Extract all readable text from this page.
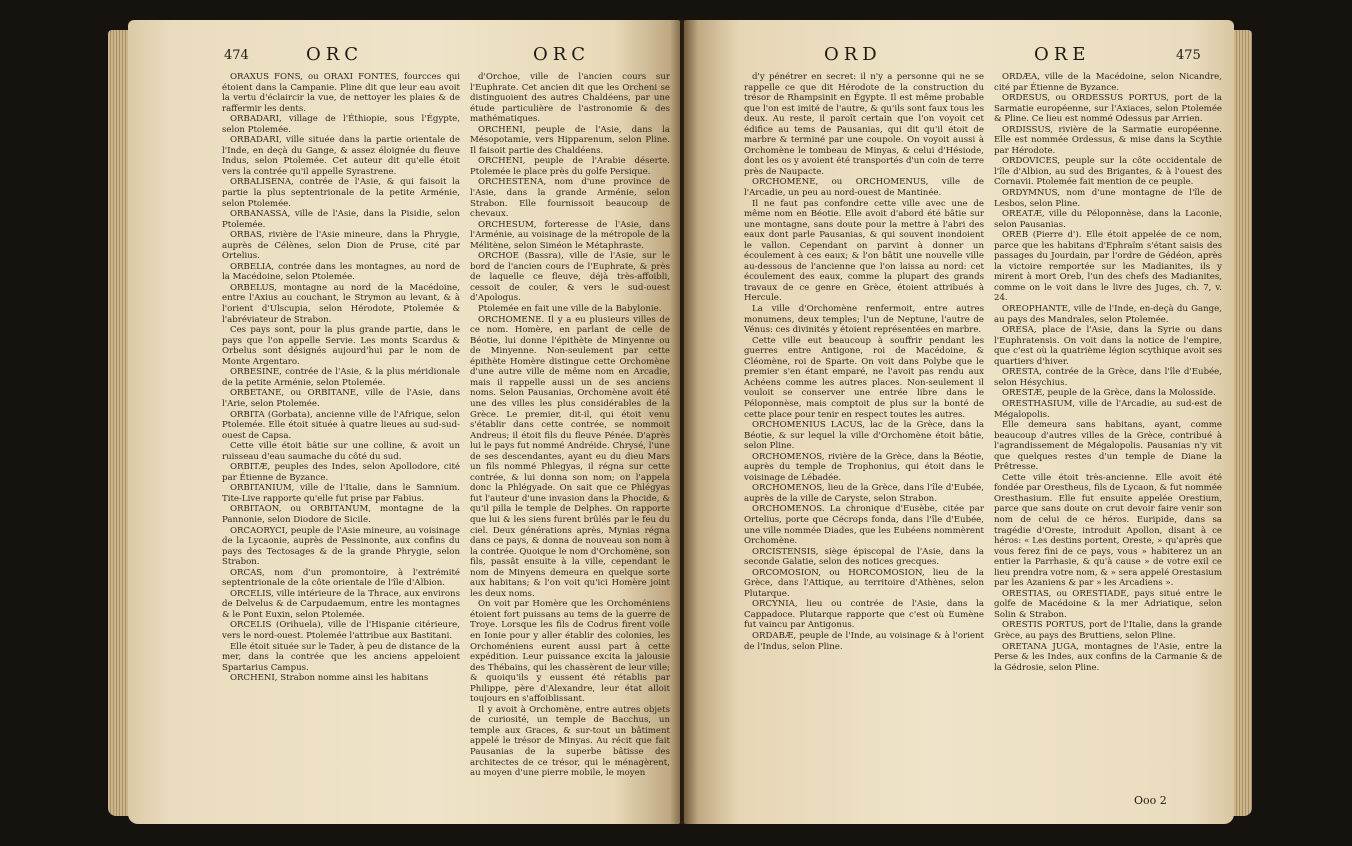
474	ORC	ORC

ORAXUS FONS, ou ORAXI FONTES, fourcces qui étoient dans la Campanie. Pline dit que leur eau avoit la vertu d'éclaircir la vue, de nettoyer les plaies & de raffermir les dents.

ORBADARI, village de l'Éthiopie, sous l'Égypte, selon Ptolemée.

ORBADARI, ville située dans la partie orientale de l'Inde, en deçà du Gange, & assez éloignée du fleuve Indus, selon Ptolemée. Cet auteur dit qu'elle étoit vers la contrée qu'il appelle Syrastrene.

ORBALISENA, contrée de l'Asie, & qui faisoit la partie la plus septentrionale de la petite Arménie, selon Ptolemée.

ORBANASSA, ville de l'Asie, dans la Pisidie, selon Ptolemée.

ORBAS, rivière de l'Asie mineure, dans la Phrygie, auprès de Célènes, selon Dion de Pruse, cité par Ortelius.

ORBELIA, contrée dans les montagnes, au nord de la Macédoine, selon Ptolemée.

ORBELUS, montagne au nord de la Macédoine, entre l'Axius au couchant, le Strymon au levant, & à l'orient d'Ulscupia, selon Hérodote, Ptolemée & l'abréviateur de Strabon.

Ces pays sont, pour la plus grande partie, dans le pays que l'on appelle Servie. Les monts Scardus & Orbelus sont désignés aujourd'hui par le nom de Monte Argentaro.

ORBESINE, contrée de l'Asie, & la plus méridionale de la petite Arménie, selon Ptolemée.

ORBETANE, ou ORBITANE, ville de l'Asie, dans l'Arie, selon Ptolemée.

ORBITA (Gorbata), ancienne ville de l'Afrique, selon Ptolemée. Elle étoit située à quatre lieues au sud-sud-ouest de Capsa.

Cette ville étoit bâtie sur une colline, & avoit un ruisseau d'eau saumache du côté du sud.

ORBITÆ, peuples des Indes, selon Apollodore, cité par Étienne de Byzance.

ORBITANIUM, ville de l'Italie, dans le Samnium. Tite-Live rapporte qu'elle fut prise par Fabius.

ORBITAON, ou ORBITANUM, montagne de la Pannonie, selon Diodore de Sicile.

ORCAORYCI, peuple de l'Asie mineure, au voisinage de la Lycaonie, auprès de Pessinonte, aux confins du pays des Tectosages & de la grande Phrygie, selon Strabon.

ORCAS, nom d'un promontoire, à l'extrémité septentrionale de la côte orientale de l'île d'Albion.

ORCELIS, ville intérieure de la Thrace, aux environs de Delvelus & de Carpudaemum, entre les montagnes & le Pont Euxin, selon Ptolemée.

ORCELIS (Orihuela), ville de l'Hispanie citérieure, vers le nord-ouest. Ptolemée l'attribue aux Bastitani.

Elle étoit située sur le Tader, à peu de distance de la mer, dans la contrée que les anciens appeloient Spartarius Campus.

ORCHENI, Strabon nomme ainsi les habitans

d'Orchoe, ville de l'ancien cours sur l'Euphrate. Cet ancien dit que les Orcheni se distinguoient des autres Chaldéens, par une étude particulière de l'astronomie & des mathématiques.

ORCHENI, peuple de l'Asie, dans la Mésopotamie, vers Hipparenum, selon Pline. Il faisoit partie des Chaldéens.

ORCHENI, peuple de l'Arabie déserte. Ptolemée le place près du golfe Persique.

ORCHESTENA, nom d'une province de l'Asie, dans la grande Arménie, selon Strabon. Elle fournissoit beaucoup de chevaux.

ORCHESUM, forteresse de l'Asie, dans l'Arménie, au voisinage de la métropole de la Mélitène, selon Siméon le Métaphraste.

ORCHOE (Bassra), ville de l'Asie, sur le bord de l'ancien cours de l'Euphrate, & près de laquelle ce fleuve, déjà très-affoibli, cessoit de couler, & vers le sud-ouest d'Apologus.

Ptolemée en fait une ville de la Babylonie.

ORCHOMENE. Il y a eu plusieurs villes de ce nom. Homère, en parlant de celle de Béotie, lui donne l'épithète de Minyenne ou de Minyenne. Non-seulement par cette épithète Homère distingue cette Orchomène d'une autre ville de même nom en Arcadie, mais il rappelle aussi un de ses anciens noms. Selon Pausanias, Orchomène avoit été une des villes les plus considérables de la Grèce. Le premier, dit-il, qui étoit venu s'établir dans cette contrée, se nommoit Andreus; il étoit fils du fleuve Pénée. D'après lui le pays fut nommé Andréide. Chrysé, l'une de ses descendantes, ayant eu du dieu Mars un fils nommé Phlegyas, il régna sur cette contrée, & lui donna son nom; on l'appela donc la Phlégyade. On sait que ce Phlégyas fut l'auteur d'une invasion dans la Phocide, & qu'il pilla le temple de Delphes. On rapporte que lui & les siens furent brûlés par le feu du ciel. Deux générations après, Mynias régna dans ce pays, & donna de nouveau son nom à la contrée. Quoique le nom d'Orchomène, son fils, passât ensuite à la ville, cependant le nom de Minyens demeura en quelque sorte aux habitans; & l'on voit qu'ici Homère joint les deux noms.

On voit par Homère que les Orchoméniens étoient fort puissans au tems de la guerre de Troye. Lorsque les fils de Codrus firent voile en Ionie pour y aller établir des colonies, les Orchoméniens eurent aussi part à cette expédition. Leur puissance excita la jalousie des Thébains, qui les chassèrent de leur ville; & quoiqu'ils y eussent été rétablis par Philippe, père d'Alexandre, leur état alloit toujours en s'affoiblissant.

Il y avoit à Orchomène, entre autres objets de curiosité, un temple de Bacchus, un temple aux Graces, & sur-tout un bâtiment appelé le trésor de Minyas. Au récit que fait Pausanias de la superbe bâtisse des architectes de ce trésor, qui le ménagèrent, au moyen d'une pierre mobile, le moyen

ORD	ORE	475

d'y pénétrer en secret: il n'y a personne qui ne se rappelle ce que dit Hérodote de la construction du trésor de Rhampsinit en Égypte. Il est même probable que l'on est imité de l'autre, & qu'ils sont faux tous les deux. Au reste, il paroît certain que l'on voyoit cet édifice au tems de Pausanias, qui dit qu'il étoit de marbre & terminé par une coupole. On voyoit aussi à Orchomène le tombeau de Minyas, & celui d'Hésiode, dont les os y avoient été transportés d'un coin de terre près de Naupacte.

ORCHOMENE, ou ORCHOMENUS, ville de l'Arcadie, un peu au nord-ouest de Mantinée.

Il ne faut pas confondre cette ville avec une de même nom en Béotie. Elle avoit d'abord été bâtie sur une montagne, sans doute pour la mettre à l'abri des eaux dont parle Pausanias, & qui souvent inondoient le vallon. Cependant on parvint à donner un écoulement à ces eaux; & l'on bâtit une nouvelle ville au-dessous de l'ancienne que l'on laissa au nord: cet écoulement des eaux, comme la plupart des grands travaux de ce genre en Grèce, étoient attribués à Hercule.

La ville d'Orchomène renfermoit, entre autres monumens, deux temples; l'un de Neptune, l'autre de Vénus: ces divinités y étoient représentées en marbre.

Cette ville eut beaucoup à souffrir pendant les guerres entre Antigone, roi de Macédoine, & Cléomène, roi de Sparte. On voit dans Polybe que le premier s'en étant emparé, ne l'avoit pas rendu aux Achéens comme les autres places. Non-seulement il vouloit se conserver une entrée libre dans le Péloponnèse, mais comptoit de plus sur la bonté de cette place pour tenir en respect toutes les autres.

ORCHOMENIUS LACUS, lac de la Grèce, dans la Béotie, & sur lequel la ville d'Orchomène étoit bâtie, selon Pline.

ORCHOMENOS, rivière de la Grèce, dans la Béotie, auprès du temple de Trophonius, qui étoit dans le voisinage de Lébadée.

ORCHOMENOS, lieu de la Grèce, dans l'île d'Eubée, auprès de la ville de Caryste, selon Strabon.

ORCHOMENOS. La chronique d'Eusèbe, citée par Ortelius, porte que Cécrops fonda, dans l'île d'Eubée, une ville nommée Diades, que les Eubéens nommèrent Orchomène.

ORCISTENSIS, siège épiscopal de l'Asie, dans la seconde Galatie, selon des notices grecques.

ORCOMOSION, ou HORCOMOSION, lieu de la Grèce, dans l'Attique, au territoire d'Athènes, selon Plutarque.

ORCYNIA, lieu ou contrée de l'Asie, dans la Cappadoce. Plutarque rapporte que c'est où Eumène fut vaincu par Antigonus.

ORDABÆ, peuple de l'Inde, au voisinage & à l'orient de l'Indus, selon Pline.

ORDÆA, ville de la Macédoine, selon Nicandre, cité par Étienne de Byzance.

ORDESUS, ou ORDESSUS PORTUS, port de la Sarmatie européenne, sur l'Axiaces, selon Ptolemée & Pline. Ce lieu est nommé Odessus par Arrien.

ORDISSUS, rivière de la Sarmatie européenne. Elle est nommée Ordessus, & mise dans la Scythie par Hérodote.

ORDOVICES, peuple sur la côte occidentale de l'île d'Albion, au sud des Brigantes, & à l'ouest des Cornavii. Ptolemée fait mention de ce peuple.

ORDYMNUS, nom d'une montagne de l'île de Lesbos, selon Pline.

OREATÆ, ville du Péloponnèse, dans la Laconie, selon Pausanias.

OREB (Pierre d'). Elle étoit appelée de ce nom, parce que les habitans d'Ephraïm s'étant saisis des passages du Jourdain, par l'ordre de Gédéon, après la victoire remportée sur les Madianites, ils y mirent à mort Oreb, l'un des chefs des Madianites, comme on le voit dans le livre des Juges, ch. 7, v. 24.

OREOPHANTE, ville de l'Inde, en-deçà du Gange, au pays des Mandrales, selon Ptolemée.

ORESA, place de l'Asie, dans la Syrie ou dans l'Euphratensis. On voit dans la notice de l'empire, que c'est où la quatrième légion scythique avoit ses quartiers d'hiver.

ORESTA, contrée de la Grèce, dans l'île d'Eubée, selon Hésychius.

ORESTÆ, peuple de la Grèce, dans la Molosside.

ORESTHASIUM, ville de l'Arcadie, au sud-est de Mégalopolis.

Elle demeura sans habitans, ayant, comme beaucoup d'autres villes de la Grèce, contribué à l'agrandissement de Mégalopolis. Pausanias n'y vit que quelques restes d'un temple de Diane la Prêtresse.

Cette ville étoit très-ancienne. Elle avoit été fondée par Orestheus, fils de Lycaon, & fut nommée Oresthasium. Elle fut ensuite appelée Orestium, parce que sans doute on crut devoir faire venir son nom de celui de ce héros. Euripide, dans sa tragédie d'Oreste, introduit Apollon, disant à ce héros: « Les destins portent, Oreste, » qu'après que vous ferez fini de ce pays, vous » habiterez un an entier la Parrhasie, & qu'à cause » de votre exil ce lieu prendra votre nom, & » sera appelé Orestasium par les Azaniens & par » les Arcadiens ».

ORESTIAS, ou ORESTIADE, pays situé entre le golfe de Macédoine & la mer Adriatique, selon Solin & Strabon.

ORESTIS PORTUS, port de l'Italie, dans la grande Grèce, au pays des Bruttiens, selon Pline.

ORETANA JUGA, montagnes de l'Asie, entre la Perse & les Indes, aux confins de la Carmanie & de la Gédrosie, selon Pline.

Ooo 2
